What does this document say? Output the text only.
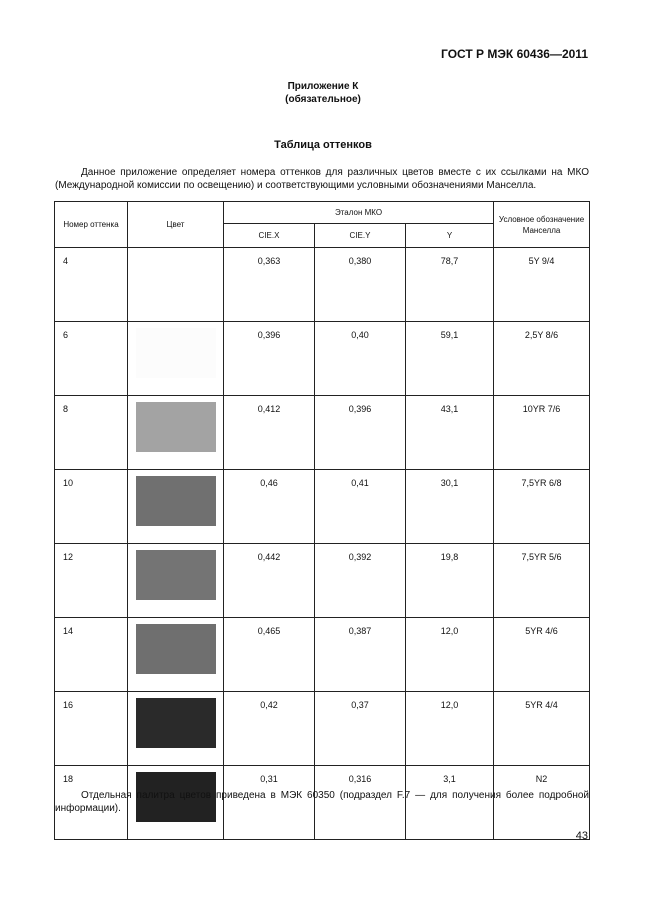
ГОСТ Р МЭК 60436—2011
Приложение К
(обязательное)
Таблица оттенков

Данное приложение определяет номера оттенков для различных цветов вместе с их ссылками на МКО (Международной комиссии по освещению) и соответствующими условными обозначениями Манселла.

Номер оттенка	Цвет	Эталон МКО			Условное обозначение Манселла
		CIE.X	CIE.Y	Y	
4		0,363	0,380	78,7	5Y 9/4
6		0,396	0,40	59,1	2,5Y 8/6
8		0,412	0,396	43,1	10YR 7/6
10		0,46	0,41	30,1	7,5YR 6/8
12		0,442	0,392	19,8	7,5YR 5/6
14		0,465	0,387	12,0	5YR 4/6
16		0,42	0,37	12,0	5YR 4/4
18		0,31	0,316	3,1	N2

Отдельная палитра цветов приведена в МЭК 60350 (подраздел F.7 — для получения более подробной информации).

43
